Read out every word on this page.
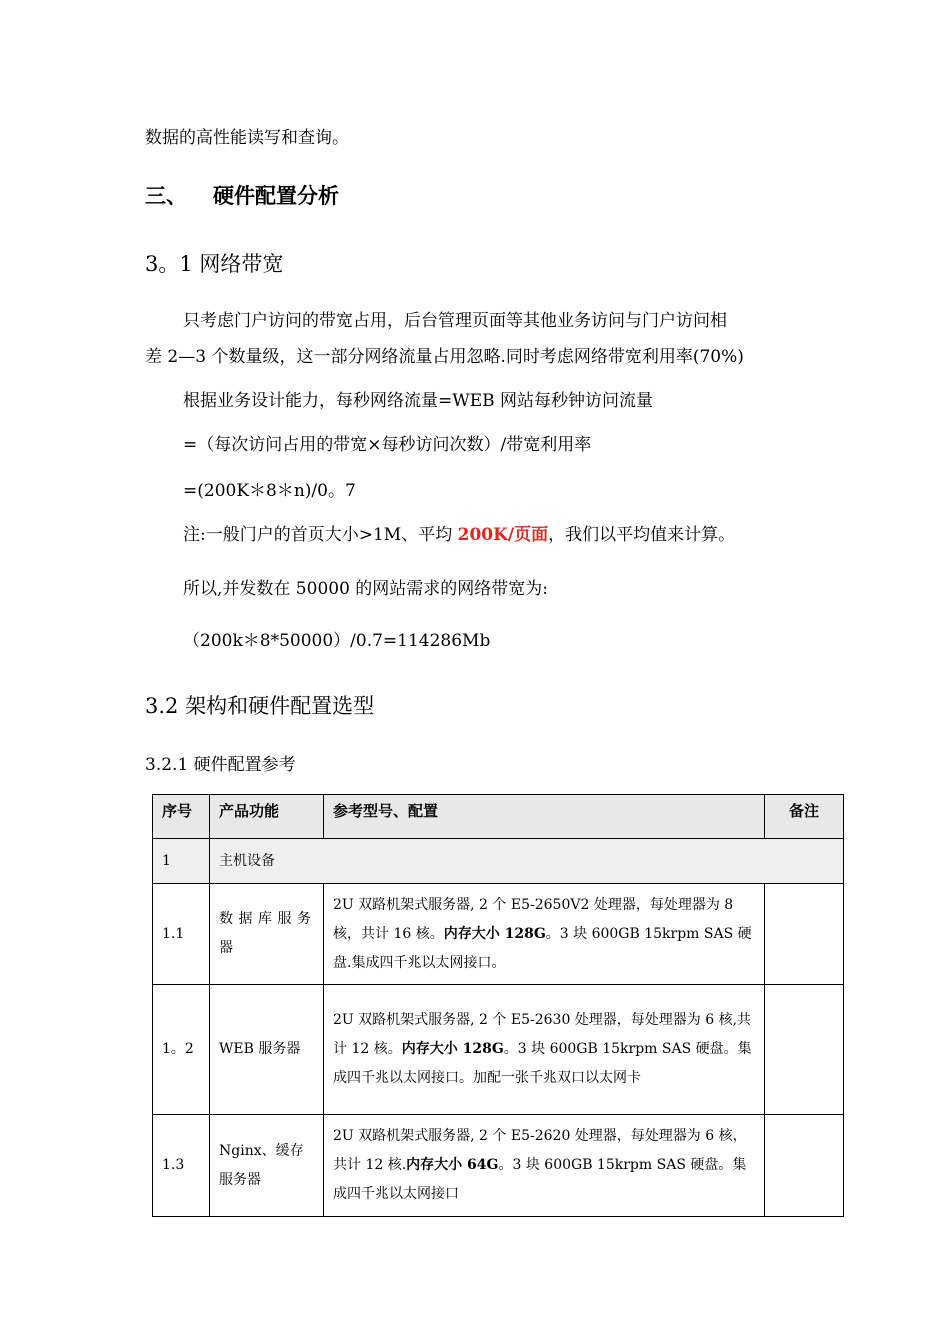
数据的高性能读写和查询。
三、 硬件配置分析
3。1 网络带宽
只考虑门户访问的带宽占用，后台管理页面等其他业务访问与门户访问相
差 2—3 个数量级，这一部分网络流量占用忽略.同时考虑网络带宽利用率(70%)
根据业务设计能力，每秒网络流量=WEB 网站每秒钟访问流量
=（每次访问占用的带宽×每秒访问次数）/带宽利用率
=(200K＊8＊n)/0。7
注:一般门户的首页大小>1M、平均 200K/页面，我们以平均值来计算。
所以,并发数在 50000 的网站需求的网络带宽为:
（200k＊8*50000）/0.7=114286Mb
3.2 架构和硬件配置选型
3.2.1 硬件配置参考
序号	产品功能	参考型号、配置	备注
1	主机设备		
1.1	数据库服务器	2U 双路机架式服务器, 2 个 E5-2650V2 处理器，每处理器为 8 核，共计 16 核。内存大小 128G。3 块 600GB 15krpm SAS 硬盘.集成四千兆以太网接口。	
1。2	WEB 服务器	2U 双路机架式服务器, 2 个 E5-2630 处理器，每处理器为 6 核,共计 12 核。内存大小 128G。3 块 600GB 15krpm SAS 硬盘。集成四千兆以太网接口。加配一张千兆双口以太网卡	
1.3	Nginx、缓存服务器	2U 双路机架式服务器, 2 个 E5-2620 处理器，每处理器为 6 核，共计 12 核.内存大小 64G。3 块 600GB 15krpm SAS 硬盘。集成四千兆以太网接口	
